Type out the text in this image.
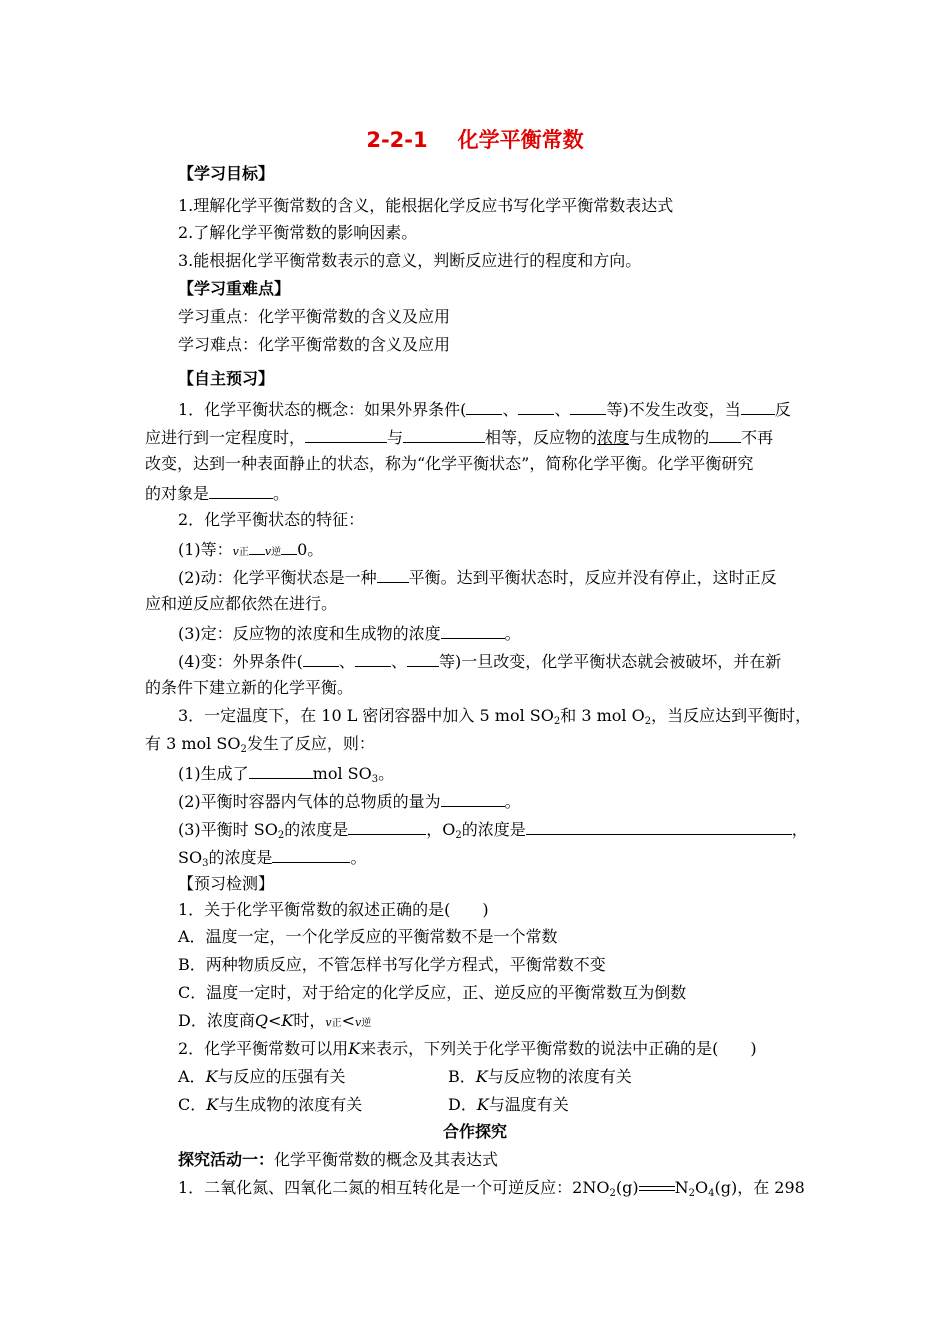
2-2-1 化学平衡常数
【学习目标】
1.理解化学平衡常数的含义，能根据化学反应书写化学平衡常数表达式
2.了解化学平衡常数的影响因素。
3.能根据化学平衡常数表示的意义，判断反应进行的程度和方向。
【学习重难点】
学习重点：化学平衡常数的含义及应用
学习难点：化学平衡常数的含义及应用
【自主预习】
1．化学平衡状态的概念：如果外界条件( 、 、 等)不发生改变，当 反
应进行到一定程度时，	与	相等，反应物的浓度与生成物的 不再
改变，达到一种表面静止的状态，称为“化学平衡状态”，简称化学平衡。化学平衡研究
的对象是	。
2．化学平衡状态的特征：
(1)等：v正 v逆 0。
(2)动：化学平衡状态是一种 平衡。达到平衡状态时，反应并没有停止，这时正反
应和逆反应都依然在进行。
(3)定：反应物的浓度和生成物的浓度	。
(4)变：外界条件( 、 、 等)一旦改变，化学平衡状态就会被破坏，并在新
的条件下建立新的化学平衡。
3．一定温度下，在 10 L 密闭容器中加入 5 mol $SO_2$和 3 mol $O_2$，当反应达到平衡时，
有 3 mol $SO_2$发生了反应，则：
(1)生成了	mol $SO_3$。
(2)平衡时容器内气体的总物质的量为	。
(3)平衡时 $SO_2$的浓度是	，$O_2$的浓度是	，
$SO_3$的浓度是	。
【预习检测】
1．关于化学平衡常数的叙述正确的是(　　)
A．温度一定，一个化学反应的平衡常数不是一个常数
B．两种物质反应，不管怎样书写化学方程式，平衡常数不变
C．温度一定时，对于给定的化学反应，正、逆反应的平衡常数互为倒数
D．浓度商Q<K时，v正<v逆
2．化学平衡常数可以用K来表示，下列关于化学平衡常数的说法中正确的是(　　)
A．K与反应的压强有关	B．K与反应物的浓度有关
C．K与生成物的浓度有关	D．K与温度有关
合作探究
探究活动一：化学平衡常数的概念及其表达式
1．二氧化氮、四氧化二氮的相互转化是一个可逆反应：$2NO_2(g)$ $N_2O_4(g)$，在 298
